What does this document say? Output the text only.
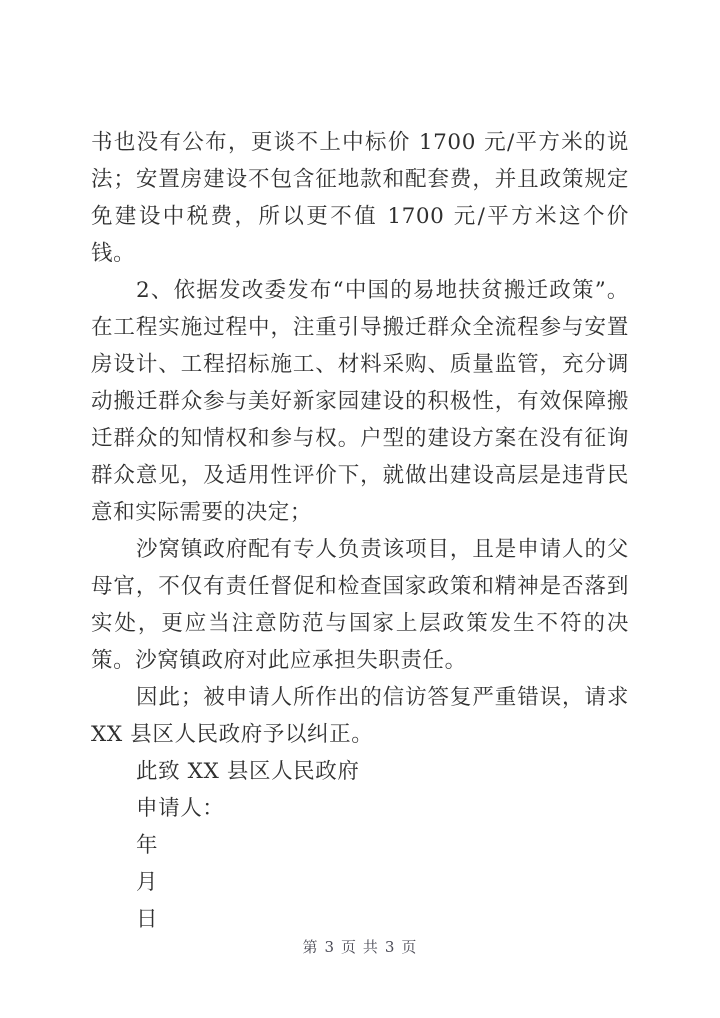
书也没有公布，更谈不上中标价 1700 元/平方米的说法；安置房建设不包含征地款和配套费，并且政策规定免建设中税费，所以更不值 1700 元/平方米这个价钱。

2、依据发改委发布“中国的易地扶贫搬迁政策”。在工程实施过程中，注重引导搬迁群众全流程参与安置房设计、工程招标施工、材料采购、质量监管，充分调动搬迁群众参与美好新家园建设的积极性，有效保障搬迁群众的知情权和参与权。户型的建设方案在没有征询群众意见，及适用性评价下，就做出建设高层是违背民意和实际需要的决定；

沙窝镇政府配有专人负责该项目，且是申请人的父母官，不仅有责任督促和检查国家政策和精神是否落到实处，更应当注意防范与国家上层政策发生不符的决策。沙窝镇政府对此应承担失职责任。

因此；被申请人所作出的信访答复严重错误，请求 XX 县区人民政府予以纠正。

此致 XX 县区人民政府
申请人：
年
月
日
第 3 页 共 3 页
